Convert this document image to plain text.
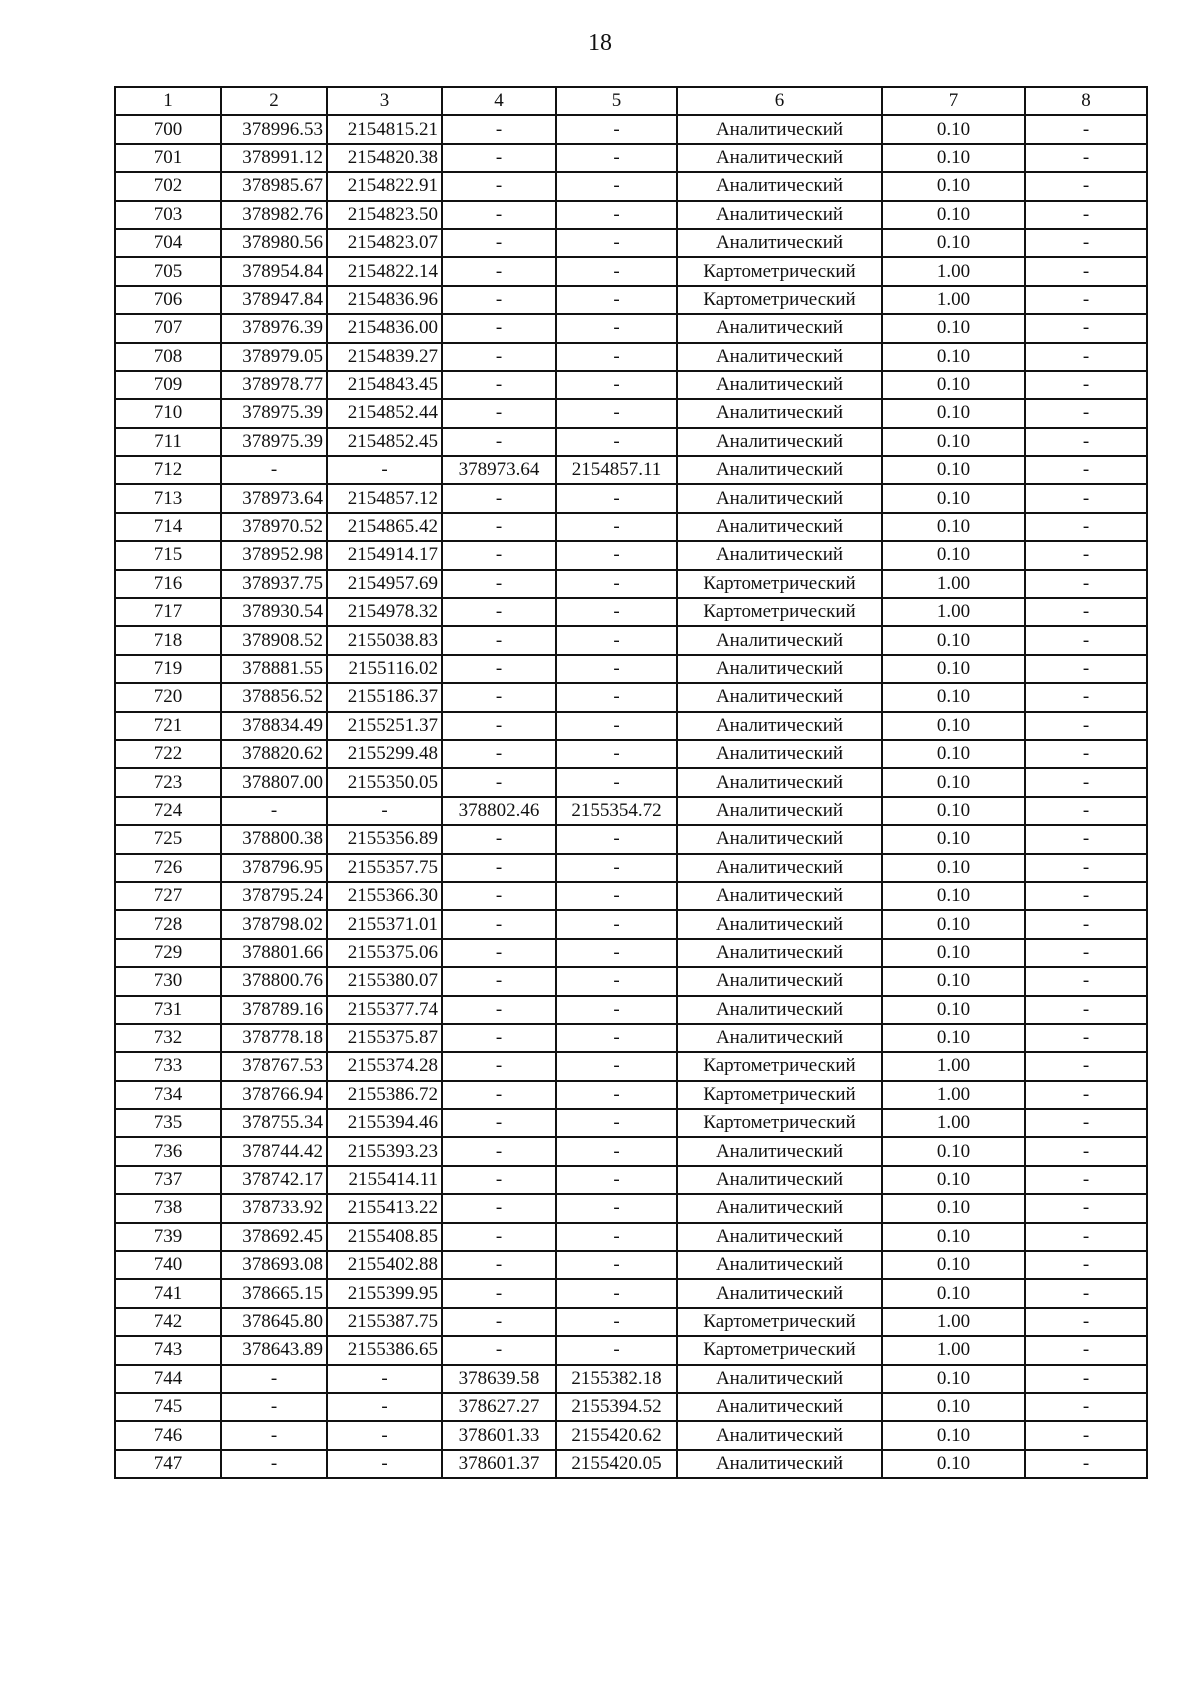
18
1	2	3	4	5	6	7	8
700	378996.53	2154815.21	-	-	Аналитический	0.10	-
701	378991.12	2154820.38	-	-	Аналитический	0.10	-
702	378985.67	2154822.91	-	-	Аналитический	0.10	-
703	378982.76	2154823.50	-	-	Аналитический	0.10	-
704	378980.56	2154823.07	-	-	Аналитический	0.10	-
705	378954.84	2154822.14	-	-	Картометрический	1.00	-
706	378947.84	2154836.96	-	-	Картометрический	1.00	-
707	378976.39	2154836.00	-	-	Аналитический	0.10	-
708	378979.05	2154839.27	-	-	Аналитический	0.10	-
709	378978.77	2154843.45	-	-	Аналитический	0.10	-
710	378975.39	2154852.44	-	-	Аналитический	0.10	-
711	378975.39	2154852.45	-	-	Аналитический	0.10	-
712	-	-	378973.64	2154857.11	Аналитический	0.10	-
713	378973.64	2154857.12	-	-	Аналитический	0.10	-
714	378970.52	2154865.42	-	-	Аналитический	0.10	-
715	378952.98	2154914.17	-	-	Аналитический	0.10	-
716	378937.75	2154957.69	-	-	Картометрический	1.00	-
717	378930.54	2154978.32	-	-	Картометрический	1.00	-
718	378908.52	2155038.83	-	-	Аналитический	0.10	-
719	378881.55	2155116.02	-	-	Аналитический	0.10	-
720	378856.52	2155186.37	-	-	Аналитический	0.10	-
721	378834.49	2155251.37	-	-	Аналитический	0.10	-
722	378820.62	2155299.48	-	-	Аналитический	0.10	-
723	378807.00	2155350.05	-	-	Аналитический	0.10	-
724	-	-	378802.46	2155354.72	Аналитический	0.10	-
725	378800.38	2155356.89	-	-	Аналитический	0.10	-
726	378796.95	2155357.75	-	-	Аналитический	0.10	-
727	378795.24	2155366.30	-	-	Аналитический	0.10	-
728	378798.02	2155371.01	-	-	Аналитический	0.10	-
729	378801.66	2155375.06	-	-	Аналитический	0.10	-
730	378800.76	2155380.07	-	-	Аналитический	0.10	-
731	378789.16	2155377.74	-	-	Аналитический	0.10	-
732	378778.18	2155375.87	-	-	Аналитический	0.10	-
733	378767.53	2155374.28	-	-	Картометрический	1.00	-
734	378766.94	2155386.72	-	-	Картометрический	1.00	-
735	378755.34	2155394.46	-	-	Картометрический	1.00	-
736	378744.42	2155393.23	-	-	Аналитический	0.10	-
737	378742.17	2155414.11	-	-	Аналитический	0.10	-
738	378733.92	2155413.22	-	-	Аналитический	0.10	-
739	378692.45	2155408.85	-	-	Аналитический	0.10	-
740	378693.08	2155402.88	-	-	Аналитический	0.10	-
741	378665.15	2155399.95	-	-	Аналитический	0.10	-
742	378645.80	2155387.75	-	-	Картометрический	1.00	-
743	378643.89	2155386.65	-	-	Картометрический	1.00	-
744	-	-	378639.58	2155382.18	Аналитический	0.10	-
745	-	-	378627.27	2155394.52	Аналитический	0.10	-
746	-	-	378601.33	2155420.62	Аналитический	0.10	-
747	-	-	378601.37	2155420.05	Аналитический	0.10	-
